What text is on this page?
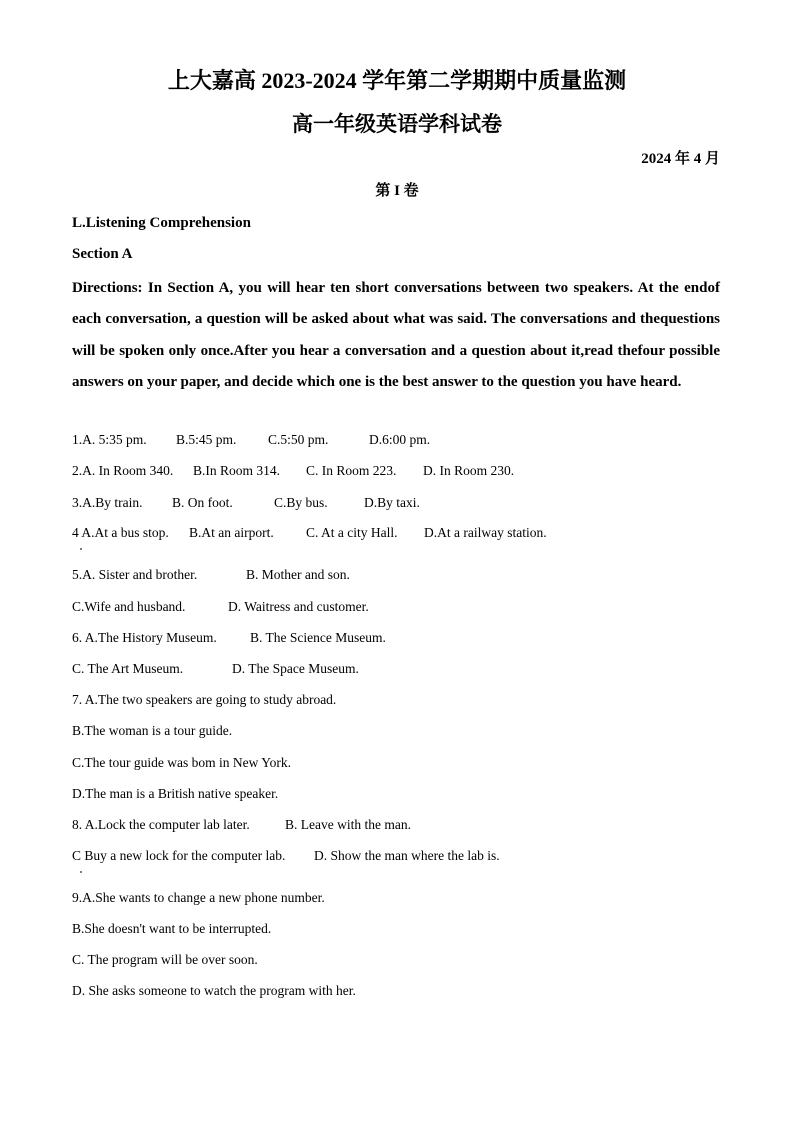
上大嘉高 2023-2024 学年第二学期期中质量监测
高一年级英语学科试卷
2024 年 4 月
第 I 卷
L.Listening Comprehension
Section A
Directions: In Section A, you will hear ten short conversations between two speakers. At the endof each conversation, a question will be asked about what was said. The conversations and thequestions will be spoken only once.After you hear a conversation and a question about it,read thefour possible answers on your paper, and decide which one is the best answer to the question you have heard.
1.A. 5:35 pm. B.5:45 pm. C.5:50 pm.	D.6:00 pm.
2.A. In Room 340. B.In Room 314. C. In Room 223. D. In Room 230.
3.A.By train. B. On foot.	C.By bus.	D.By taxi.
4 A.At a bus stop. B.At an airport. C. At a city Hall. D.At a railway station.
5.A. Sister and brother.	B. Mother and son.
C.Wife and husband.	D. Waitress and customer.
6. A.The History Museum. B. The Science Museum.
C. The Art Museum.	D. The Space Museum.
7. A.The two speakers are going to study abroad.
B.The woman is a tour guide.
C.The tour guide was bom in New York.
D.The man is a British native speaker.
8. A.Lock the computer lab later.	B. Leave with the man.
C Buy a new lock for the computer lab. D. Show the man where the lab is.
9.A.She wants to change a new phone number.
B.She doesn't want to be interrupted.
C. The program will be over soon.
D. She asks someone to watch the program with her.
